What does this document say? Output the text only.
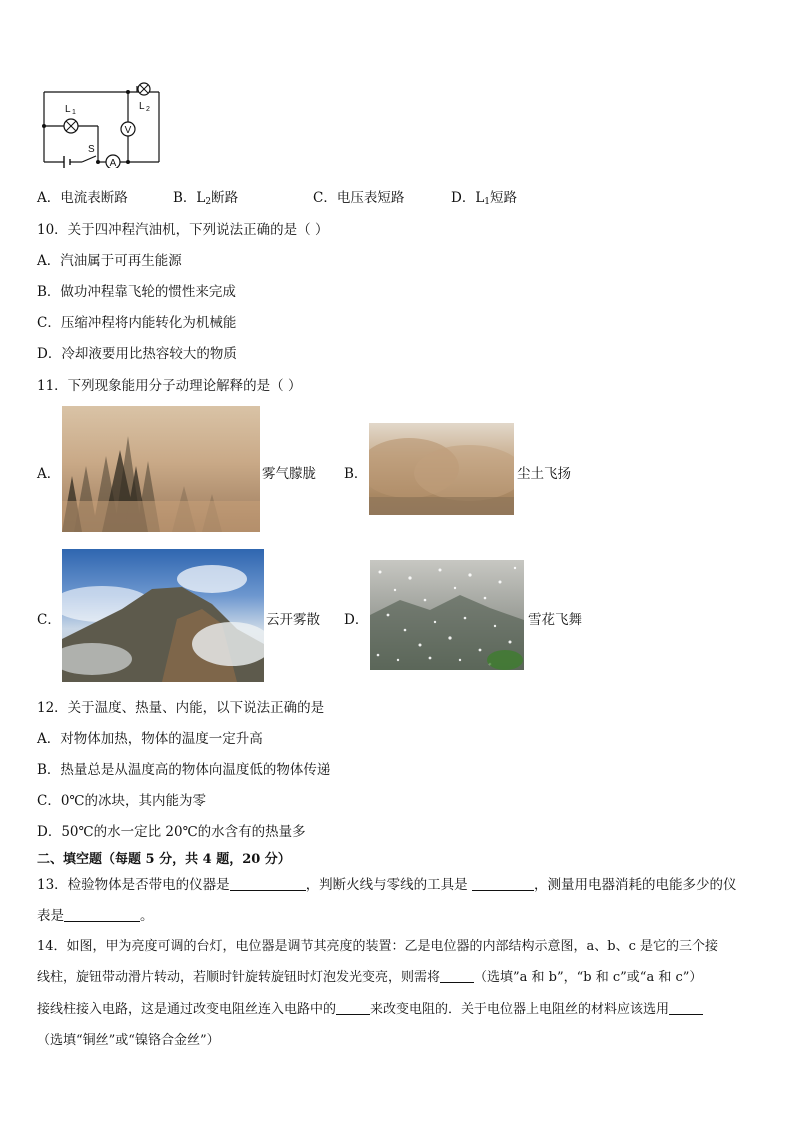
V
A
L 1
L 2
S
A．电流表断路	B．$L_2$断路	C．电压表短路	D．$L_1$短路
10．关于四冲程汽油机，下列说法正确的是（ ）
A．汽油属于可再生能源
B．做功冲程靠飞轮的惯性来完成
C．压缩冲程将内能转化为机械能
D．冷却液要用比热容较大的物质
11．下列现象能用分子动理论解释的是（ ）
A．	雾气朦胧 B．	尘土飞扬
C．	云开雾散 D．	雪花飞舞
12．关于温度、热量、内能，以下说法正确的是
A．对物体加热，物体的温度一定升高
B．热量总是从温度高的物体向温度低的物体传递
C．0℃的冰块，其内能为零
D．50℃的水一定比 20℃的水含有的热量多
二、填空题（每题 5 分，共 4 题，20 分）
13．检验物体是否带电的仪器是	，判断火线与零线的工具是	，测量用电器消耗的电能多少的仪
表是	。
14．如图，甲为亮度可调的台灯，电位器是调节其亮度的装置：乙是电位器的内部结构示意图，a、b、c 是它的三个接
线柱，旋钮带动滑片转动，若顺时针旋转旋钮时灯泡发光变亮，则需将	（选填”a 和 b”，“b 和 c”或“a 和 c”）
接线柱接入电路，这是通过改变电阻丝连入电路中的	来改变电阻的．关于电位器上电阻丝的材料应该选用
（选填“铜丝”或“镍铬合金丝”）
